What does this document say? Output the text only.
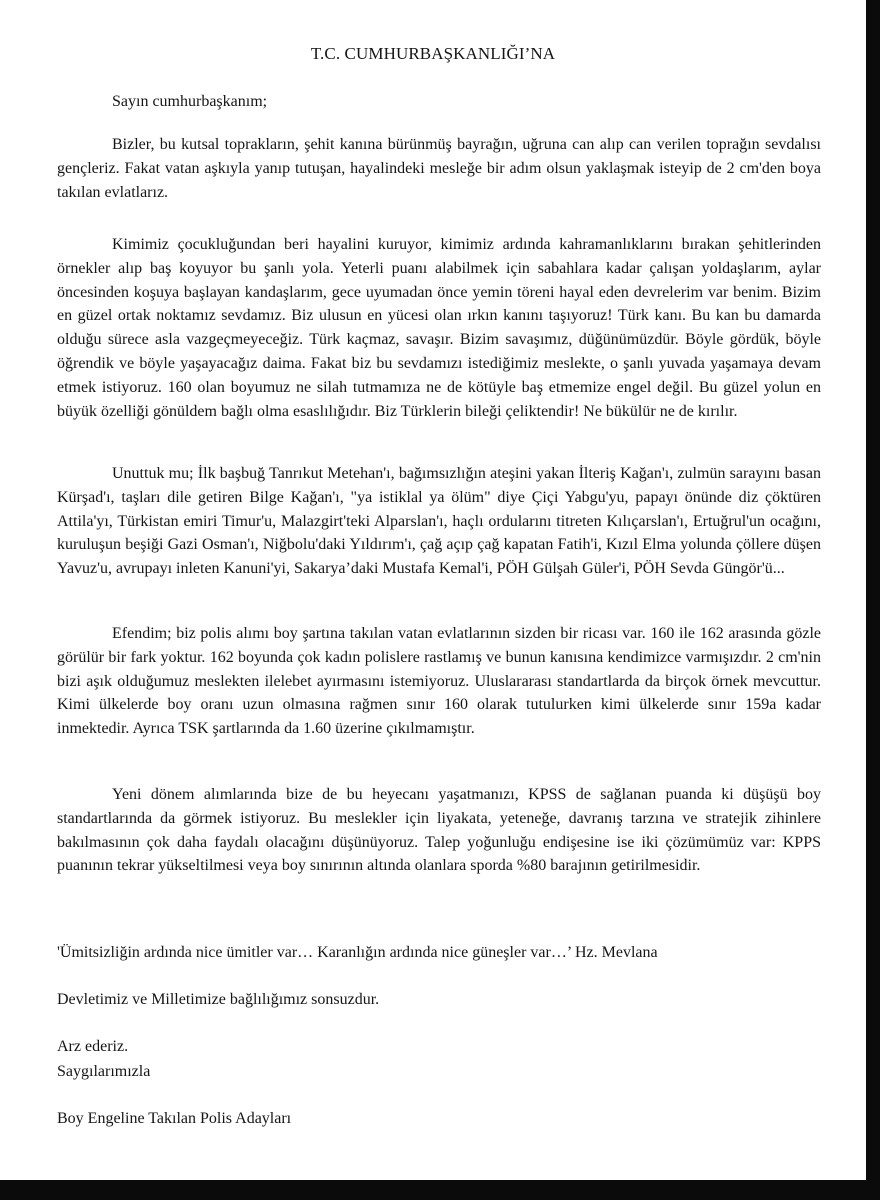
T.C. CUMHURBAŞKANLIĞI’NA
Sayın cumhurbaşkanım;

Bizler, bu kutsal toprakların, şehit kanına bürünmüş bayrağın, uğruna can alıp can verilen toprağın sevdalısı gençleriz. Fakat vatan aşkıyla yanıp tutuşan, hayalindeki mesleğe bir adım olsun yaklaşmak isteyip de 2 cm'den boya takılan evlatlarız.

Kimimiz çocukluğundan beri hayalini kuruyor, kimimiz ardında kahramanlıklarını bırakan şehitlerinden örnekler alıp baş koyuyor bu şanlı yola. Yeterli puanı alabilmek için sabahlara kadar çalışan yoldaşlarım, aylar öncesinden koşuya başlayan kandaşlarım, gece uyumadan önce yemin töreni hayal eden devrelerim var benim. Bizim en güzel ortak noktamız sevdamız. Biz ulusun en yücesi olan ırkın kanını taşıyoruz! Türk kanı. Bu kan bu damarda olduğu sürece asla vazgeçmeyeceğiz. Türk kaçmaz, savaşır. Bizim savaşımız, düğünümüzdür. Böyle gördük, böyle öğrendik ve böyle yaşayacağız daima. Fakat biz bu sevdamızı istediğimiz meslekte, o şanlı yuvada yaşamaya devam etmek istiyoruz. 160 olan boyumuz ne silah tutmamıza ne de kötüyle baş etmemize engel değil. Bu güzel yolun en büyük özelliği gönüldem bağlı olma esaslılığıdır. Biz Türklerin bileği çeliktendir! Ne bükülür ne de kırılır.

Unuttuk mu; İlk başbuğ Tanrıkut Metehan'ı, bağımsızlığın ateşini yakan İlteriş Kağan'ı, zulmün sarayını basan Kürşad'ı, taşları dile getiren Bilge Kağan'ı, "ya istiklal ya ölüm" diye Çiçi Yabgu'yu, papayı önünde diz çöktüren Attila'yı, Türkistan emiri Timur'u, Malazgirt'teki Alparslan'ı, haçlı ordularını titreten Kılıçarslan'ı, Ertuğrul'un ocağını, kuruluşun beşiği Gazi Osman'ı, Niğbolu'daki Yıldırım'ı, çağ açıp çağ kapatan Fatih'i, Kızıl Elma yolunda çöllere düşen Yavuz'u, avrupayı inleten Kanuni'yi, Sakarya’daki Mustafa Kemal'i, PÖH Gülşah Güler'i, PÖH Sevda Güngör'ü...

Efendim; biz polis alımı boy şartına takılan vatan evlatlarının sizden bir ricası var. 160 ile 162 arasında gözle görülür bir fark yoktur. 162 boyunda çok kadın polislere rastlamış ve bunun kanısına kendimizce varmışızdır. 2 cm'nin bizi aşık olduğumuz meslekten ilelebet ayırmasını istemiyoruz. Uluslararası standartlarda da birçok örnek mevcuttur. Kimi ülkelerde boy oranı uzun olmasına rağmen sınır 160 olarak tutulurken kimi ülkelerde sınır 159a kadar inmektedir. Ayrıca TSK şartlarında da 1.60 üzerine çıkılmamıştır.

Yeni dönem alımlarında bize de bu heyecanı yaşatmanızı, KPSS de sağlanan puanda ki düşüşü boy standartlarında da görmek istiyoruz. Bu meslekler için liyakata, yeteneğe, davranış tarzına ve stratejik zihinlere bakılmasının çok daha faydalı olacağını düşünüyoruz. Talep yoğunluğu endişesine ise iki çözümümüz var: KPPS puanının tekrar yükseltilmesi veya boy sınırının altında olanlara sporda %80 barajının getirilmesidir.

'Ümitsizliğin ardında nice ümitler var… Karanlığın ardında nice güneşler var…’ Hz. Mevlana

Devletimiz ve Milletimize bağlılığımız sonsuzdur.

Arz ederiz.

Saygılarımızla

Boy Engeline Takılan Polis Adayları
